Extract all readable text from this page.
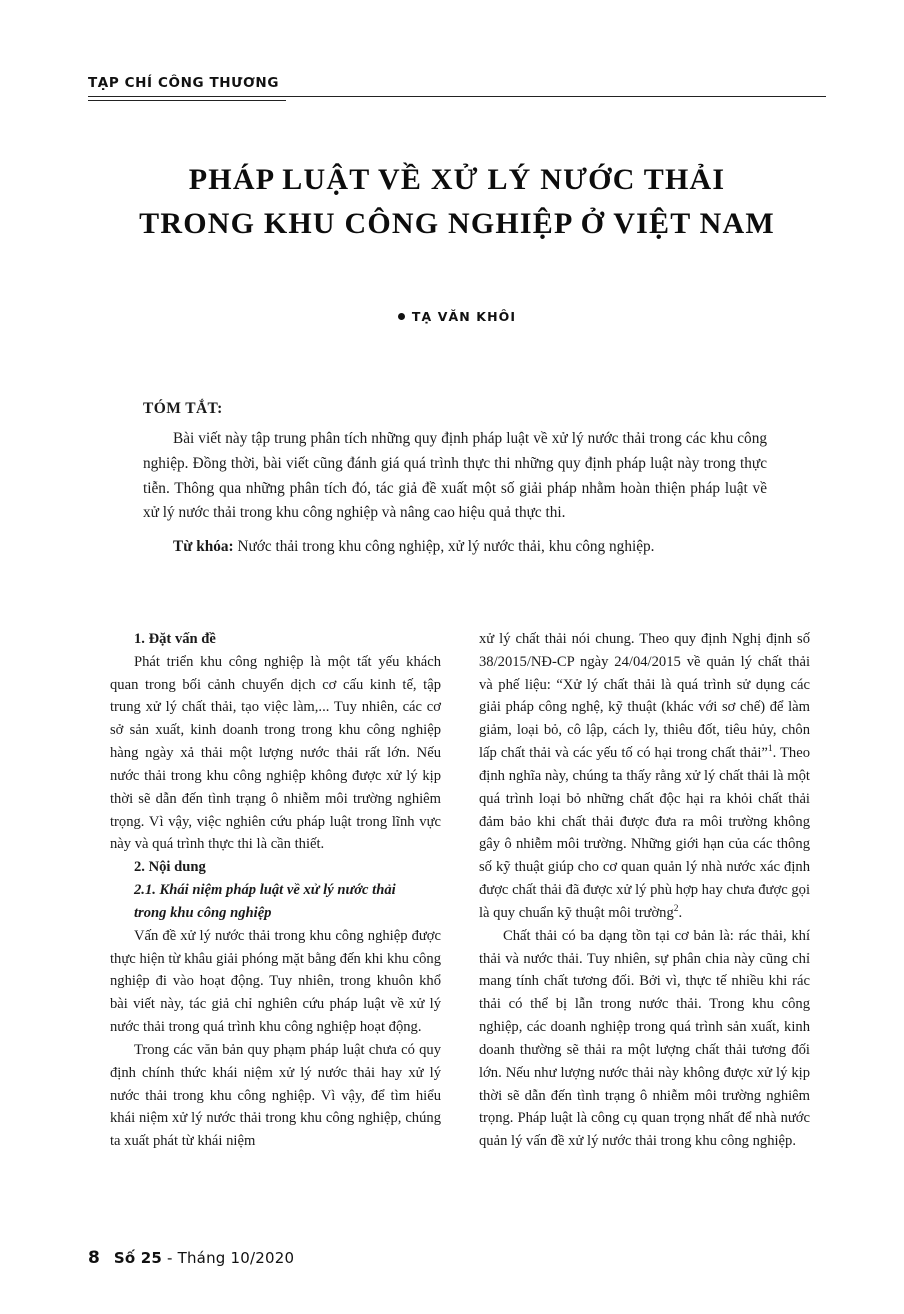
TẠP CHÍ CÔNG THƯƠNG
PHÁP LUẬT VỀ XỬ LÝ NƯỚC THẢI
TRONG KHU CÔNG NGHIỆP Ở VIỆT NAM
TẠ VĂN KHÔI
TÓM TẮT:
Bài viết này tập trung phân tích những quy định pháp luật về xử lý nước thải trong các khu công nghiệp. Đồng thời, bài viết cũng đánh giá quá trình thực thi những quy định pháp luật này trong thực tiễn. Thông qua những phân tích đó, tác giả đề xuất một số giải pháp nhằm hoàn thiện pháp luật về xử lý nước thải trong khu công nghiệp và nâng cao hiệu quả thực thi.
Từ khóa: Nước thải trong khu công nghiệp, xử lý nước thải, khu công nghiệp.

1. Đặt vấn đề

Phát triển khu công nghiệp là một tất yếu khách quan trong bối cảnh chuyển dịch cơ cấu kinh tế, tập trung xử lý chất thải, tạo việc làm,... Tuy nhiên, các cơ sở sản xuất, kinh doanh trong trong khu công nghiệp hàng ngày xả thải một lượng nước thải rất lớn. Nếu nước thải trong khu công nghiệp không được xử lý kịp thời sẽ dẫn đến tình trạng ô nhiễm môi trường nghiêm trọng. Vì vậy, việc nghiên cứu pháp luật trong lĩnh vực này và quá trình thực thi là cần thiết.

2. Nội dung

2.1. Khái niệm pháp luật về xử lý nước thải

trong khu công nghiệp

Vấn đề xử lý nước thải trong khu công nghiệp được thực hiện từ khâu giải phóng mặt bằng đến khi khu công nghiệp đi vào hoạt động. Tuy nhiên, trong khuôn khổ bài viết này, tác giả chỉ nghiên cứu pháp luật về xử lý nước thải trong quá trình khu công nghiệp hoạt động.

Trong các văn bản quy phạm pháp luật chưa có quy định chính thức khái niệm xử lý nước thải hay xử lý nước thải trong khu công nghiệp. Vì vậy, để tìm hiểu khái niệm xử lý nước thải trong khu công nghiệp, chúng ta xuất phát từ khái niệm

xử lý chất thải nói chung. Theo quy định Nghị định số 38/2015/NĐ-CP ngày 24/04/2015 về quản lý chất thải và phế liệu: “Xử lý chất thải là quá trình sử dụng các giải pháp công nghệ, kỹ thuật (khác với sơ chế) để làm giảm, loại bỏ, cô lập, cách ly, thiêu đốt, tiêu hủy, chôn lấp chất thải và các yếu tố có hại trong chất thải”$^1$. Theo định nghĩa này, chúng ta thấy rằng xử lý chất thải là một quá trình loại bỏ những chất độc hại ra khỏi chất thải đảm bảo khi chất thải được đưa ra môi trường không gây ô nhiễm môi trường. Những giới hạn của các thông số kỹ thuật giúp cho cơ quan quản lý nhà nước xác định được chất thải đã được xử lý phù hợp hay chưa được gọi là quy chuẩn kỹ thuật môi trường$^2$.

Chất thải có ba dạng tồn tại cơ bản là: rác thải, khí thải và nước thải. Tuy nhiên, sự phân chia này cũng chỉ mang tính chất tương đối. Bởi vì, thực tế nhiều khi rác thải có thể bị lẫn trong nước thải. Trong khu công nghiệp, các doanh nghiệp trong quá trình sản xuất, kinh doanh thường sẽ thải ra một lượng chất thải tương đối lớn. Nếu như lượng nước thải này không được xử lý kịp thời sẽ dẫn đến tình trạng ô nhiễm môi trường nghiêm trọng. Pháp luật là công cụ quan trọng nhất để nhà nước quản lý vấn đề xử lý nước thải trong khu công nghiệp.

8 Số 25 - Tháng 10/2020
